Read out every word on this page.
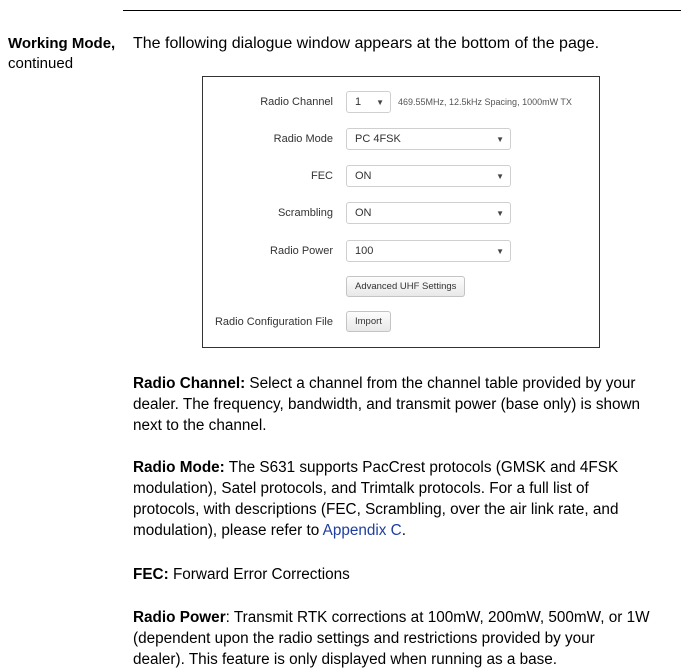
Working Mode,
continued
The following dialogue window appears at the bottom of the page.
Radio Channel	1 ▼ 469.55MHz, 12.5kHz Spacing, 1000mW TX
Radio Mode	PC 4FSK	▼
FEC	ON	▼
Scrambling	ON	▼
Radio Power	100	▼
Advanced UHF Settings
Radio Configuration File	Import
Radio Channel: Select a channel from the channel table provided by your
dealer. The frequency, bandwidth, and transmit power (base only) is shown
next to the channel.
Radio Mode: The S631 supports PacCrest protocols (GMSK and 4FSK
modulation), Satel protocols, and Trimtalk protocols. For a full list of
protocols, with descriptions (FEC, Scrambling, over the air link rate, and
modulation), please refer to Appendix C.
FEC: Forward Error Corrections
Radio Power: Transmit RTK corrections at 100mW, 200mW, 500mW, or 1W
(dependent upon the radio settings and restrictions provided by your
dealer). This feature is only displayed when running as a base.
